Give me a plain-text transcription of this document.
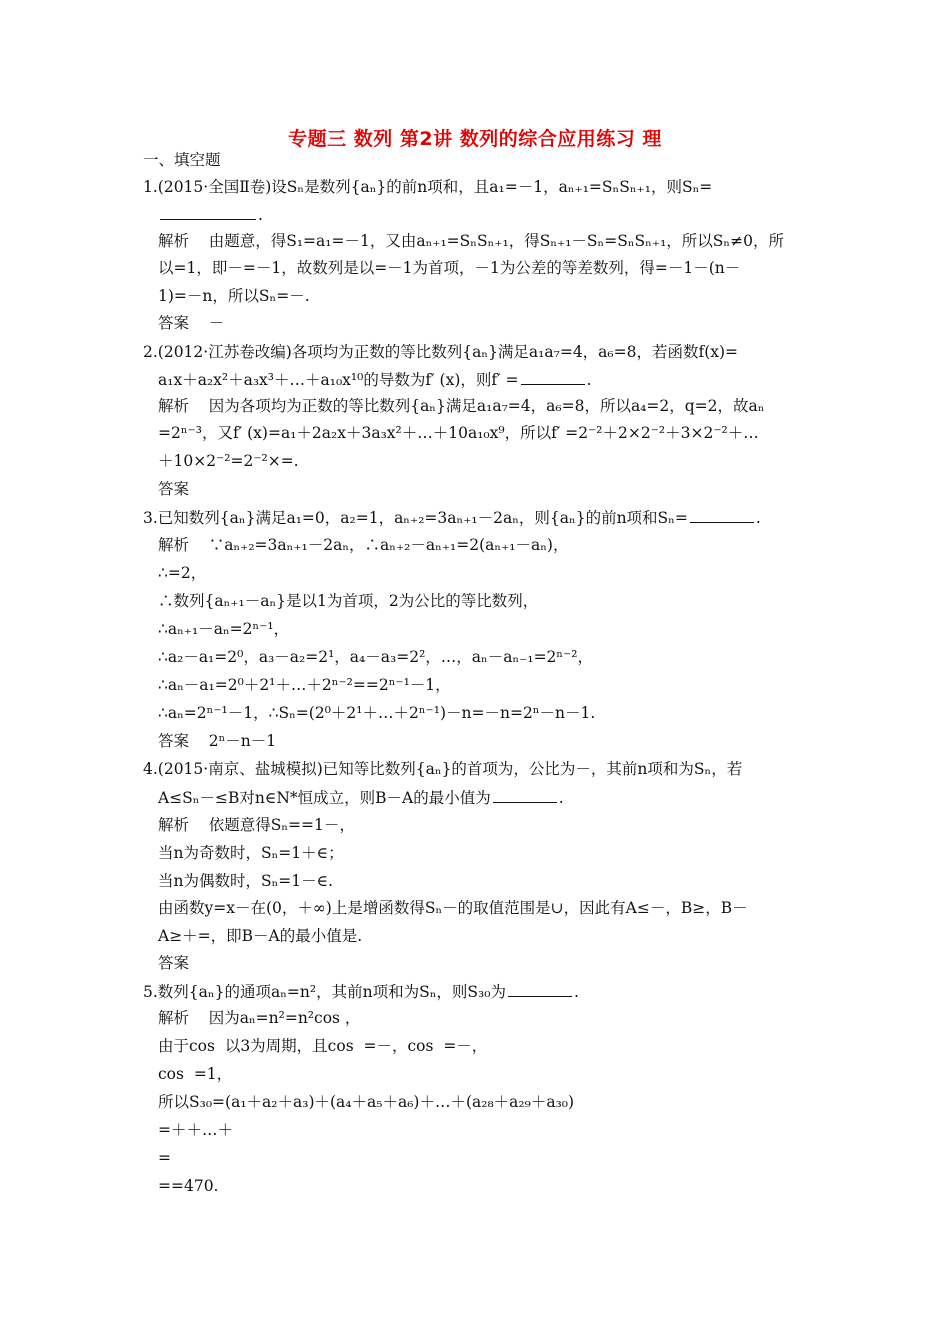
专题三 数列 第2讲 数列的综合应用练习 理
一、填空题
1.(2015·全国Ⅱ卷)设Sₙ是数列{aₙ}的前n项和，且a₁=－1，aₙ₊₁=SₙSₙ₊₁，则Sₙ=
.
解析    由题意，得S₁=a₁=－1，又由aₙ₊₁=SₙSₙ₊₁，得Sₙ₊₁－Sₙ=SₙSₙ₊₁，所以Sₙ≠0，所
以=1，即－=－1，故数列是以=－1为首项，－1为公差的等差数列，得=－1－(n－
1)=－n，所以Sₙ=－.
答案    －
2.(2012·江苏卷改编)各项均为正数的等比数列{aₙ}满足a₁a₇=4，a₆=8，若函数f(x)=
a₁x＋a₂x²＋a₃x³＋…＋a₁₀x¹⁰的导数为f′ (x)，则f′ =	.
解析    因为各项均为正数的等比数列{aₙ}满足a₁a₇=4，a₆=8，所以a₄=2，q=2，故aₙ
=2ⁿ⁻³，又f′ (x)=a₁＋2a₂x＋3a₃x²＋…＋10a₁₀x⁹，所以f′ =2⁻²＋2×2⁻²＋3×2⁻²＋…
＋10×2⁻²=2⁻²×=.
答案
3.已知数列{aₙ}满足a₁=0，a₂=1，aₙ₊₂=3aₙ₊₁－2aₙ，则{aₙ}的前n项和Sₙ=	.
解析    ∵aₙ₊₂=3aₙ₊₁－2aₙ，∴aₙ₊₂－aₙ₊₁=2(aₙ₊₁－aₙ)，
∴=2，
∴数列{aₙ₊₁－aₙ}是以1为首项，2为公比的等比数列，
∴aₙ₊₁－aₙ=2ⁿ⁻¹，
∴a₂－a₁=2⁰，a₃－a₂=2¹，a₄－a₃=2²，…，aₙ－aₙ₋₁=2ⁿ⁻²，
∴aₙ－a₁=2⁰＋2¹＋…＋2ⁿ⁻²==2ⁿ⁻¹－1，
∴aₙ=2ⁿ⁻¹－1，∴Sₙ=(2⁰＋2¹＋…＋2ⁿ⁻¹)－n=－n=2ⁿ－n－1.
答案    2ⁿ－n－1
4.(2015·南京、盐城模拟)已知等比数列{aₙ}的首项为，公比为－，其前n项和为Sₙ，若
A≤Sₙ－≤B对n∈N*恒成立，则B－A的最小值为	.
解析    依题意得Sₙ==1－，
当n为奇数时，Sₙ=1＋∈；
当n为偶数时，Sₙ=1－∈.
由函数y=x－在(0，＋∞)上是增函数得Sₙ－的取值范围是∪，因此有A≤－，B≥，B－
A≥＋=，即B－A的最小值是.
答案
5.数列{aₙ}的通项aₙ=n²，其前n项和为Sₙ，则S₃₀为	.
解析    因为aₙ=n²=n²cos ，
由于cos  以3为周期，且cos  =－，cos  =－，
cos  =1，
所以S₃₀=(a₁＋a₂＋a₃)＋(a₄＋a₅＋a₆)＋…＋(a₂₈＋a₂₉＋a₃₀)
=＋＋…＋
=
==470.
